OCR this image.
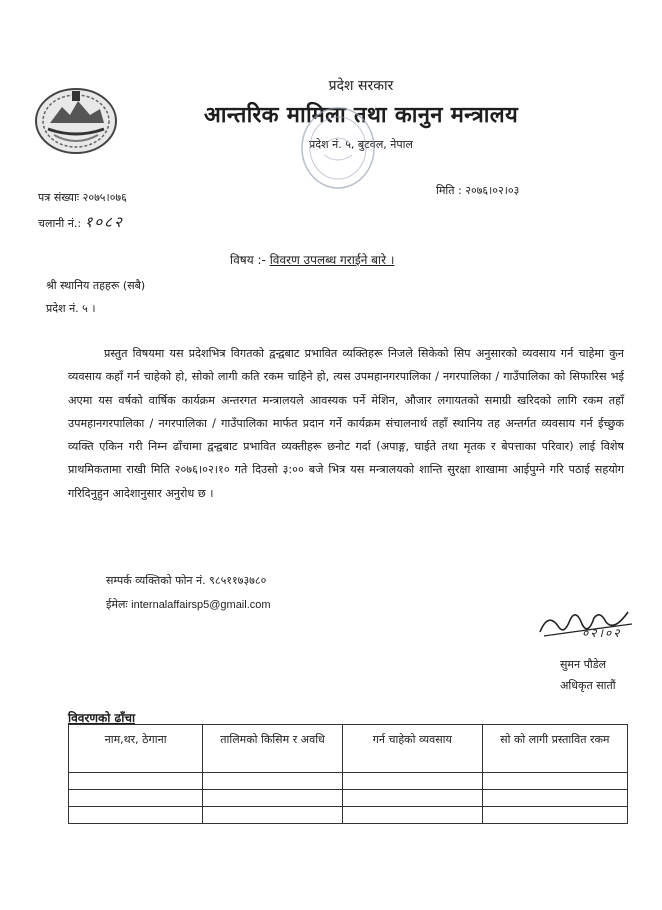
प्रदेश सरकार
आन्तरिक मामिला तथा कानुन मन्त्रालय
प्रदेश नं. ५, बुटवल, नेपाल
पत्र संख्याः २०७५।०७६
चलानी नं.: १०८२
मिति : २०७६।०२।०३
विषय :- विवरण उपलब्ध गराईने बारे ।
श्री स्थानिय तहहरू (सबै)
प्रदेश नं. ५ ।
प्रस्तुत विषयमा यस प्रदेशभित्र विगतको द्वन्द्वबाट प्रभावित व्यक्तिहरू निजले सिकेको सिप अनुसारको व्यवसाय गर्न चाहेमा कुन व्यवसाय कहाँ गर्न चाहेको हो, सोको लागी कति रकम चाहिने हो, त्यस उपमहानगरपालिका / नगरपालिका / गाउँपालिका को सिफारिस भई अएमा यस वर्षको वार्षिक कार्यक्रम अन्तरगत मन्त्रालयले आवस्यक पर्ने मेशिन, औजार लगायतको समाग्री खरिदको लागि रकम तहाँ उपमहानगरपालिका / नगरपालिका / गाउँपालिका मार्फत प्रदान गर्ने कार्यक्रम संचालनार्थ तहाँ स्थानिय तह अन्तर्गत व्यवसाय गर्न ईच्छुक व्यक्ति एकिन गरी निम्न ढाँचामा द्वन्द्वबाट प्रभावित व्यक्तीहरू छनोट गर्दा (अपाङ्ग, घाईते तथा मृतक र बेपत्ताका परिवार) लाई विशेष प्राथमिकतामा राखी मिति २०७६।०२।१० गते दिउसो ३:०० बजे भित्र यस मन्त्रालयको शान्ति सुरक्षा शाखामा आईपुग्ने गरि पठाई सहयोग गरिदिनुहुन आदेशानुसार अनुरोध छ ।
सम्पर्क व्यक्तिको फोन नं. ९८५११७३७८०
ईमेलः internalaffairsp5@gmail.com
०२।०२
सुमन पौडेल
अधिकृत सातौं
विवरणको ढाँचा
नाम,थर, ठेगाना	तालिमको किसिम र अवधि	गर्न चाहेको व्यवसाय	सो को लागी प्रस्तावित रकम
